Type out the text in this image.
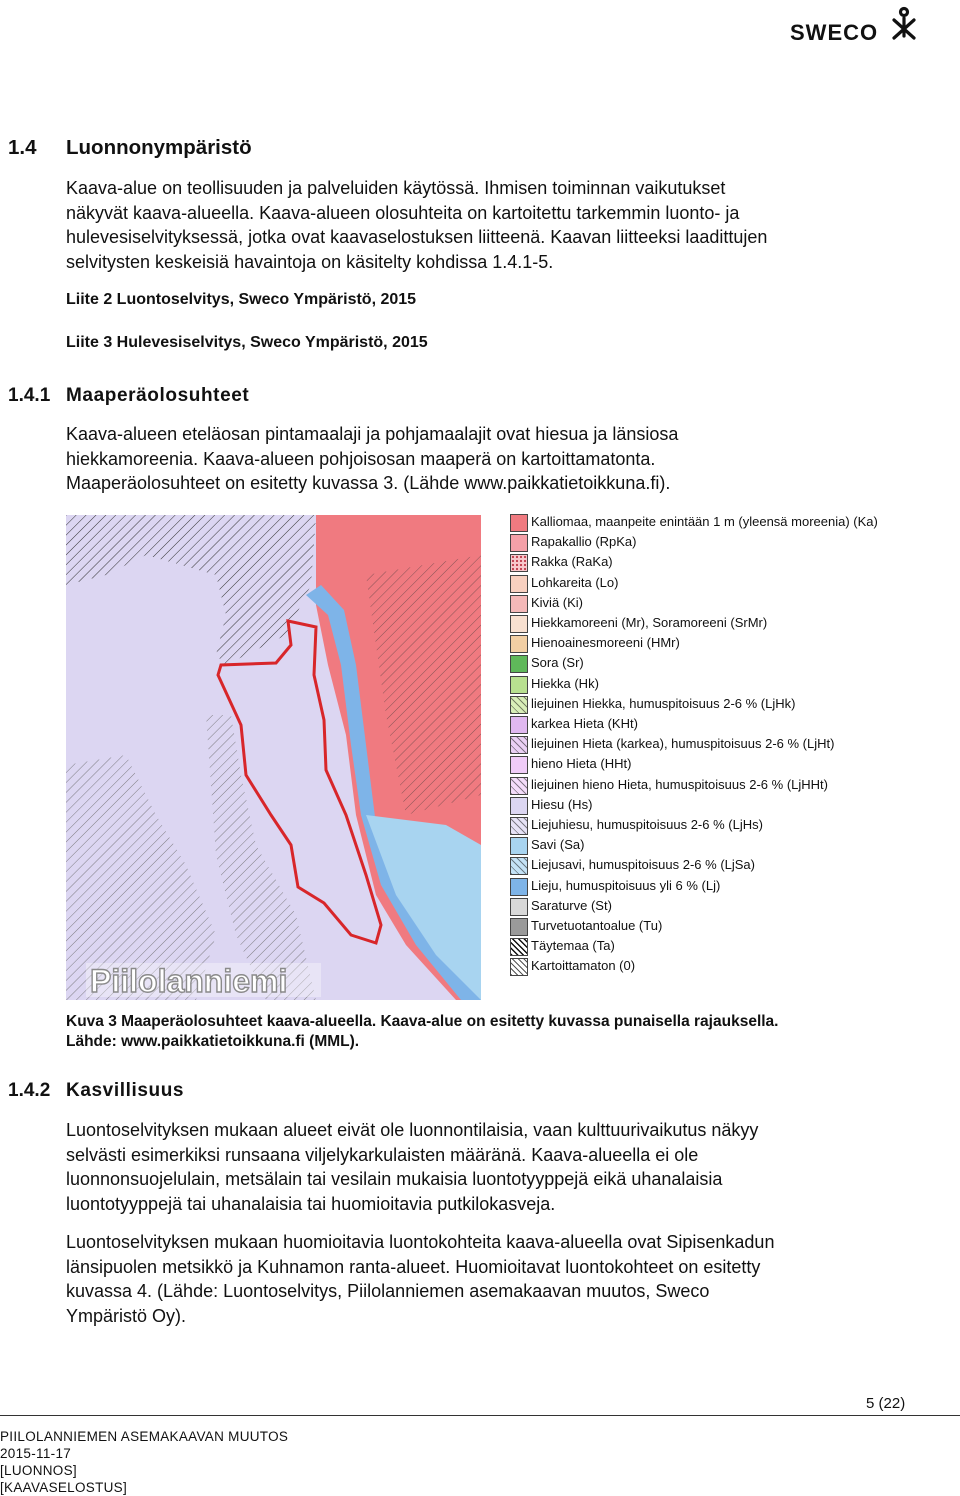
SWECO
1.4 Luonnonympäristö
Kaava-alue on teollisuuden ja palveluiden käytössä. Ihmisen toiminnan vaikutukset
näkyvät kaava-alueella. Kaava-alueen olosuhteita on kartoitettu tarkemmin luonto- ja
hulevesiselvityksessä, jotka ovat kaavaselostuksen liitteenä. Kaavan liitteeksi laadittujen
selvitysten keskeisiä havaintoja on käsitelty kohdissa 1.4.1-5.
Liite 2 Luontoselvitys, Sweco Ympäristö, 2015
Liite 3 Hulevesiselvitys, Sweco Ympäristö, 2015
1.4.1 Maaperäolosuhteet
Kaava-alueen eteläosan pintamaalaji ja pohjamaalajit ovat hiesua ja länsiosa
hiekkamoreenia. Kaava-alueen pohjoisosan maaperä on kartoittamatonta.
Maaperäolosuhteet on esitetty kuvassa 3. (Lähde www.paikkatietoikkuna.fi).
Piilolanniemi
Kalliomaa, maanpeite enintään 1 m (yleensä moreenia) (Ka)
Rapakallio (RpKa)
Rakka (RaKa)
Lohkareita (Lo)
Kiviä (Ki)
Hiekkamoreeni (Mr), Soramoreeni (SrMr)
Hienoainesmoreeni (HMr)
Sora (Sr)
Hiekka (Hk)
liejuinen Hiekka, humuspitoisuus 2-6 % (LjHk)
karkea Hieta (KHt)
liejuinen Hieta (karkea), humuspitoisuus 2-6 % (LjHt)
hieno Hieta (HHt)
liejuinen hieno Hieta, humuspitoisuus 2-6 % (LjHHt)
Hiesu (Hs)
Liejuhiesu, humuspitoisuus 2-6 % (LjHs)
Savi (Sa)
Liejusavi, humuspitoisuus 2-6 % (LjSa)
Lieju, humuspitoisuus yli 6 % (Lj)
Saraturve (St)
Turvetuotantoalue (Tu)
Täytemaa (Ta)
Kartoittamaton (0)
Kuva 3 Maaperäolosuhteet kaava-alueella. Kaava-alue on esitetty kuvassa punaisella rajauksella.
Lähde: www.paikkatietoikkuna.fi (MML).
1.4.2 Kasvillisuus
Luontoselvityksen mukaan alueet eivät ole luonnontilaisia, vaan kulttuurivaikutus näkyy
selvästi esimerkiksi runsaana viljelykarkulaisten määränä. Kaava-alueella ei ole
luonnonsuojelulain, metsälain tai vesilain mukaisia luontotyyppejä eikä uhanalaisia
luontotyyppejä tai uhanalaisia tai huomioitavia putkilokasveja.
Luontoselvityksen mukaan huomioitavia luontokohteita kaava-alueella ovat Sipisenkadun
länsipuolen metsikkö ja Kuhnamon ranta-alueet. Huomioitavat luontokohteet on esitetty
kuvassa 4. (Lähde: Luontoselvitys, Piilolanniemen asemakaavan muutos, Sweco
Ympäristö Oy).
5 (22)
PIILOLANNIEMEN ASEMAKAAVAN MUUTOS
2015-11-17
[LUONNOS]
[KAAVASELOSTUS]
